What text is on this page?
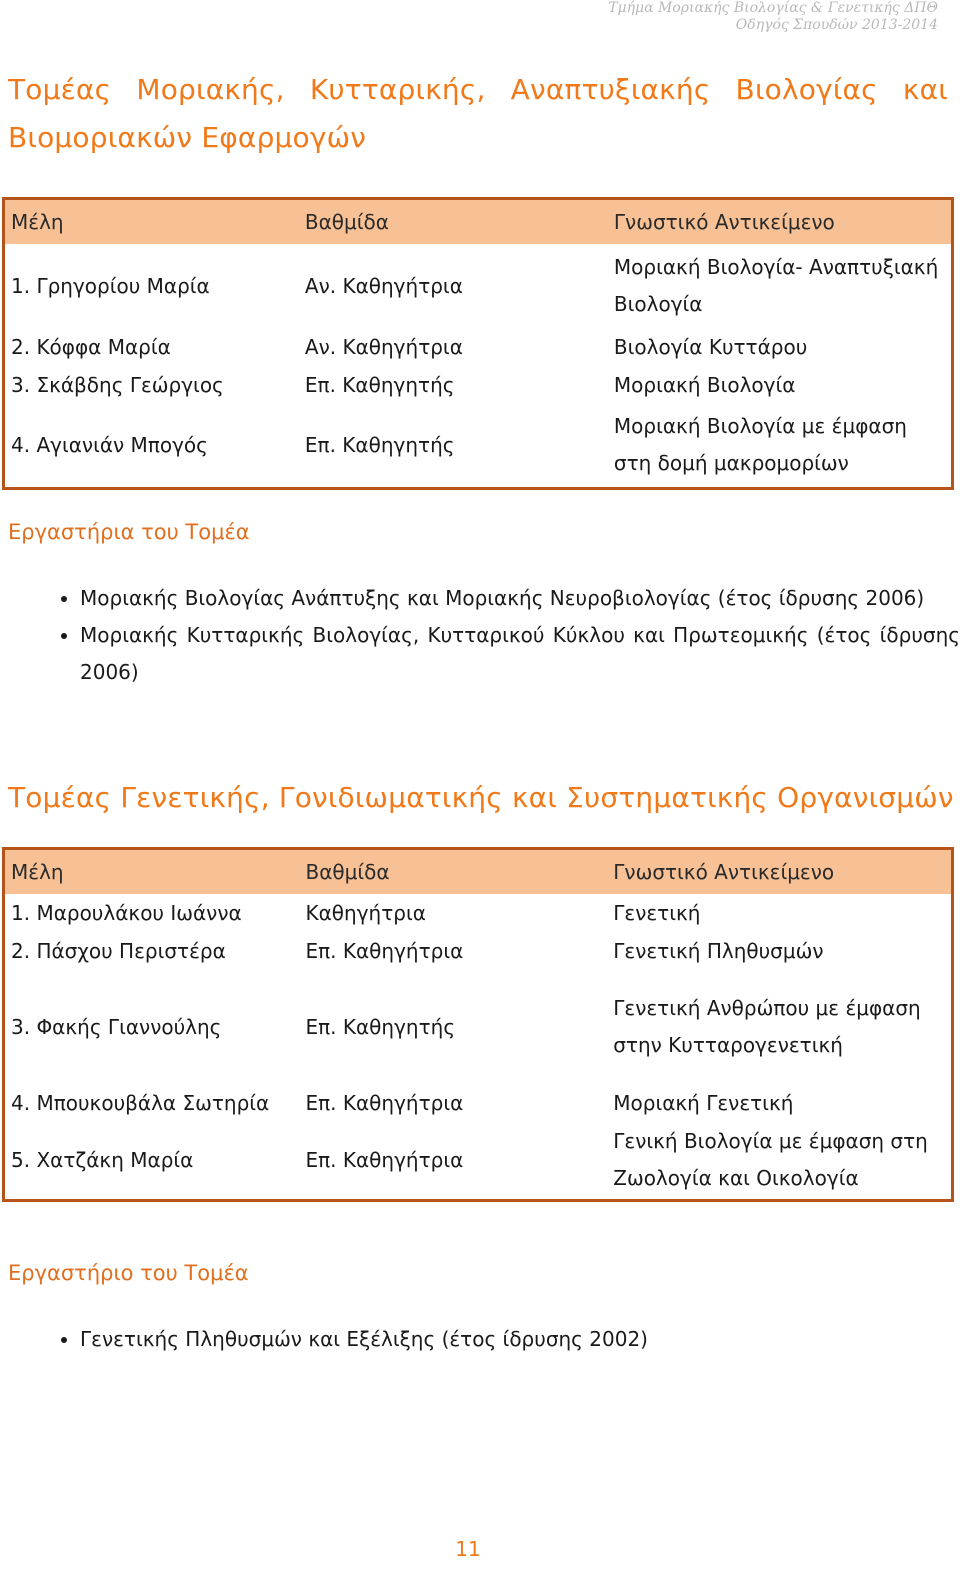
Τμήμα Μοριακής Βιολογίας & Γενετικής ΔΠΘ
Οδηγός Σπουδών 2013-2014
Τομέας Μοριακής, Κυτταρικής, Αναπτυξιακής Βιολογίας και
Βιομοριακών Εφαρμογών
Μέλη	Βαθμίδα	Γνωστικό Αντικείμενο
1. Γρηγορίου Μαρία	Αν. Καθηγήτρια	Μοριακή Βιολογία- Αναπτυξιακή Βιολογία
2. Κόφφα Μαρία	Αν. Καθηγήτρια	Βιολογία Κυττάρου
3. Σκάβδης Γεώργιος	Επ. Καθηγητής	Μοριακή Βιολογία
4. Αγιανιάν Μπογός	Επ. Καθηγητής	Μοριακή Βιολογία με έμφαση στη δομή μακρομορίων
Εργαστήρια του Τομέα
• Μοριακής Βιολογίας Ανάπτυξης και Μοριακής Νευροβιολογίας (έτος ίδρυσης 2006)
• Μοριακής Κυτταρικής Βιολογίας, Κυτταρικού Κύκλου και Πρωτεομικής (έτος ίδρυσης 2006)
Τομέας Γενετικής, Γονιδιωματικής και Συστηματικής Οργανισμών
Μέλη	Βαθμίδα	Γνωστικό Αντικείμενο
1. Μαρουλάκου Ιωάννα	Καθηγήτρια	Γενετική
2. Πάσχου Περιστέρα	Επ. Καθηγήτρια	Γενετική Πληθυσμών
3. Φακής Γιαννούλης	Επ. Καθηγητής	Γενετική Ανθρώπου με έμφαση στην Κυτταρογενετική
4. Μπουκουβάλα Σωτηρία	Επ. Καθηγήτρια	Μοριακή Γενετική
5. Χατζάκη Μαρία	Επ. Καθηγήτρια	Γενική Βιολογία με έμφαση στη Ζωολογία και Οικολογία
Εργαστήριο του Τομέα
• Γενετικής Πληθυσμών και Εξέλιξης (έτος ίδρυσης 2002)
11
